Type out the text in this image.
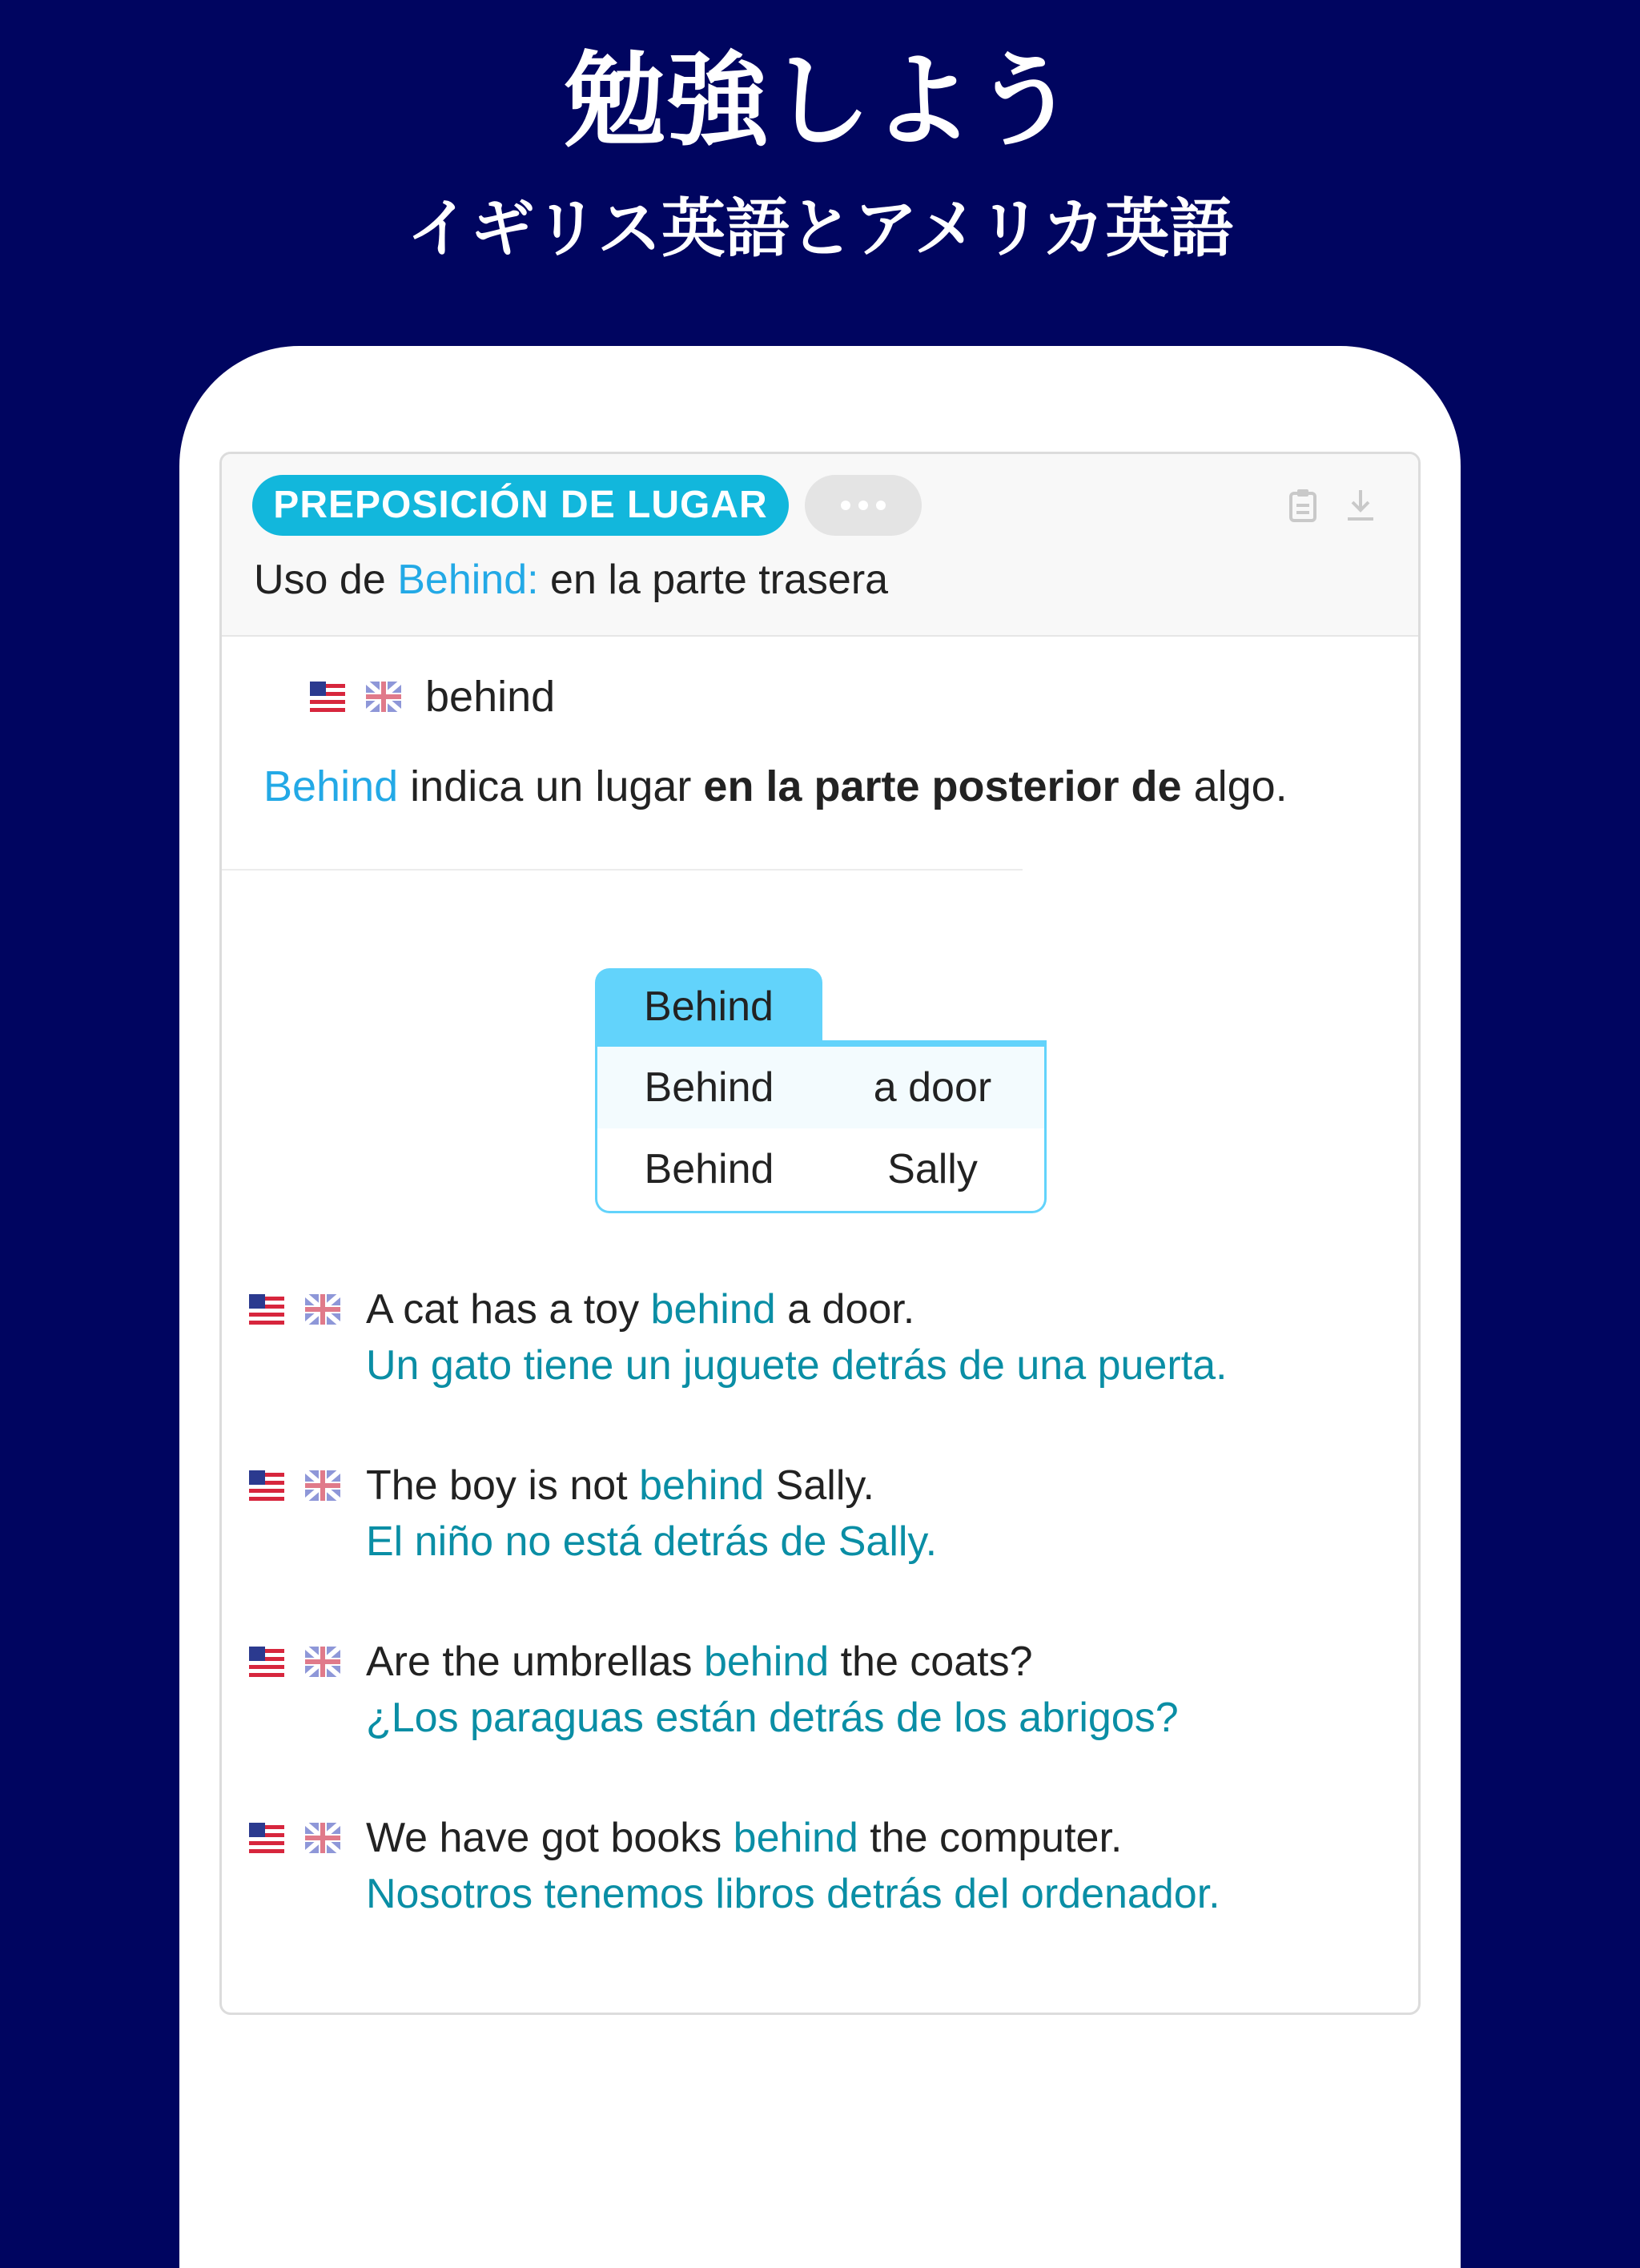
勉強しよう
イギリス英語とアメリカ英語
PREPOSICIÓN DE LUGAR
Uso de Behind: en la parte trasera
behind
Behind indica un lugar en la parte posterior de algo.
Behind
Behind	a door
Behind	Sally
A cat has a toy behind a door.
Un gato tiene un juguete detrás de una puerta.
The boy is not behind Sally.
El niño no está detrás de Sally.
Are the umbrellas behind the coats?
¿Los paraguas están detrás de los abrigos?
We have got books behind the computer.
Nosotros tenemos libros detrás del ordenador.
